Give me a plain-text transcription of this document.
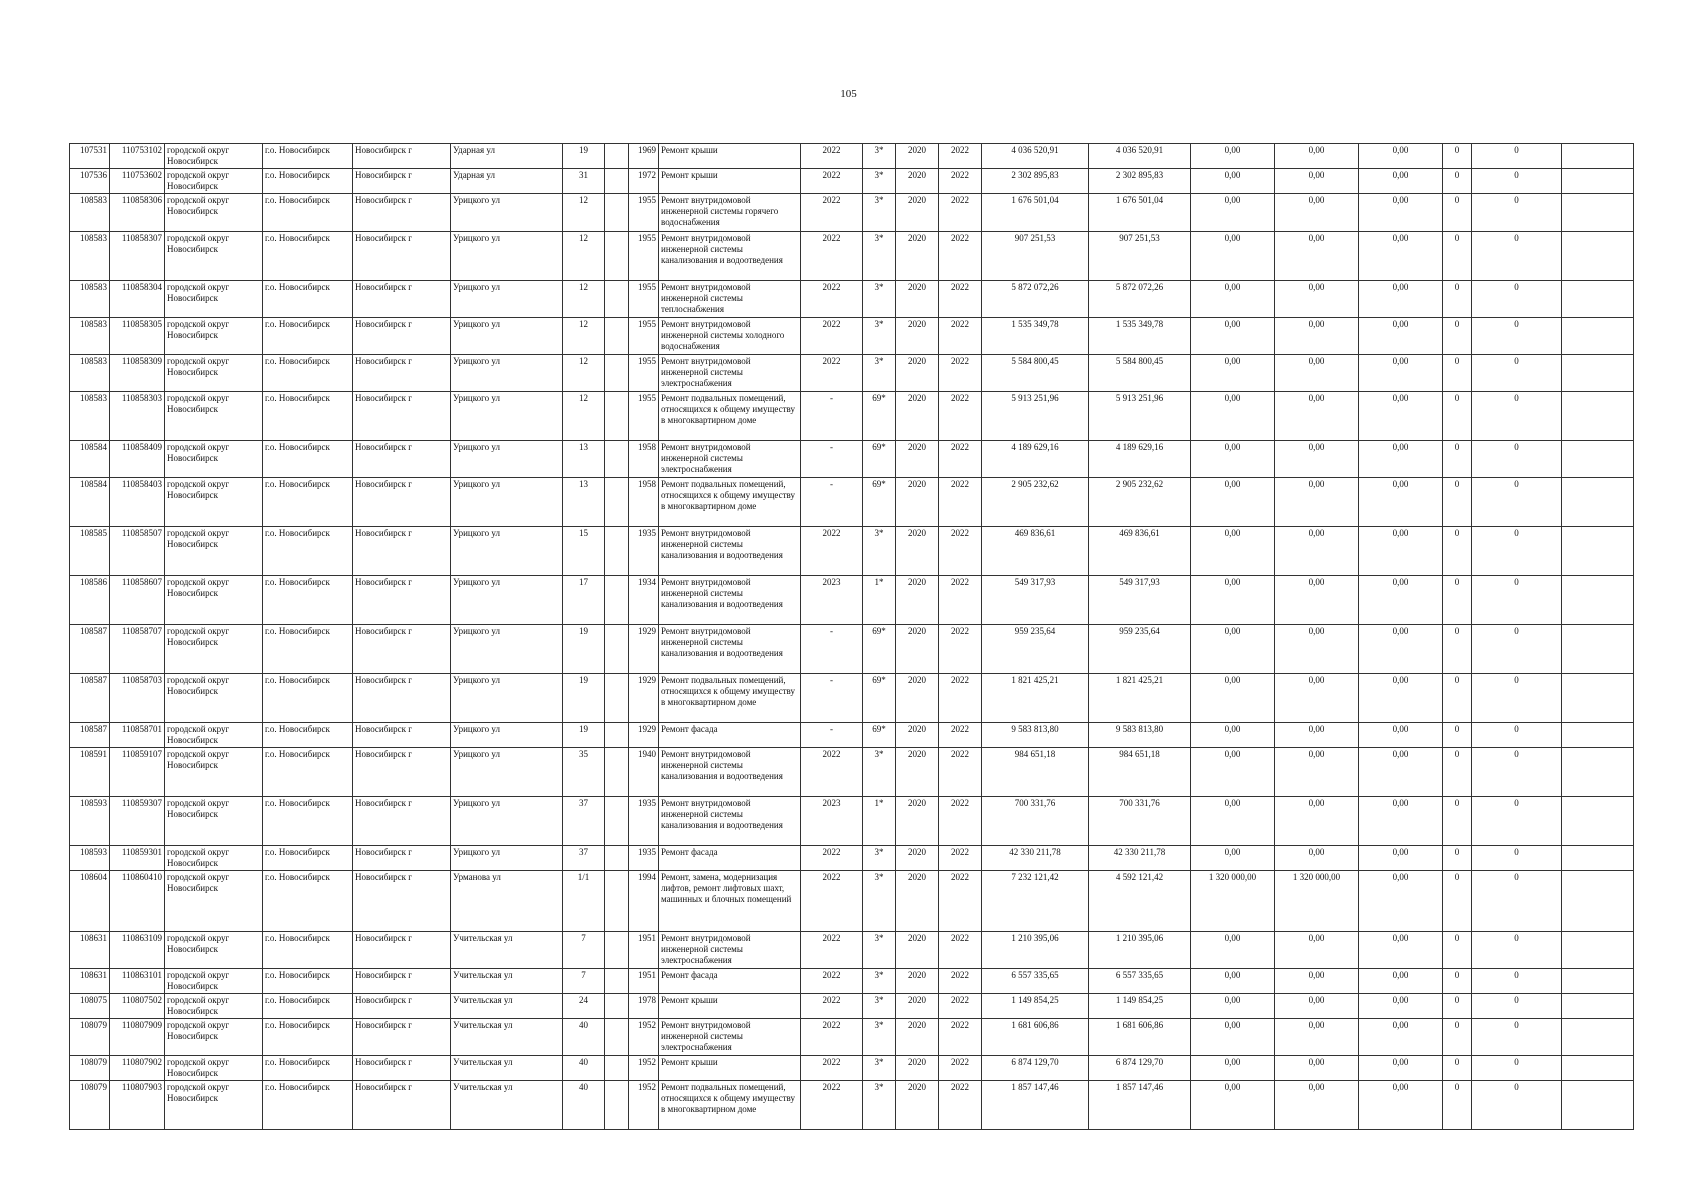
105
107531	110753102	городской округ Новосибирск	г.о. Новосибирск	Новосибирск г	Ударная ул	19		1969	Ремонт крыши	2022	3*	2020	2022	4 036 520,91	4 036 520,91	0,00	0,00	0,00	0	0	
107536	110753602	городской округ Новосибирск	г.о. Новосибирск	Новосибирск г	Ударная ул	31		1972	Ремонт крыши	2022	3*	2020	2022	2 302 895,83	2 302 895,83	0,00	0,00	0,00	0	0	
108583	110858306	городской округ Новосибирск	г.о. Новосибирск	Новосибирск г	Урицкого ул	12		1955	Ремонт внутридомовой инженерной системы горячего водоснабжения	2022	3*	2020	2022	1 676 501,04	1 676 501,04	0,00	0,00	0,00	0	0	
108583	110858307	городской округ Новосибирск	г.о. Новосибирск	Новосибирск г	Урицкого ул	12		1955	Ремонт внутридомовой инженерной системы канализования и водоотведения	2022	3*	2020	2022	907 251,53	907 251,53	0,00	0,00	0,00	0	0	
108583	110858304	городской округ Новосибирск	г.о. Новосибирск	Новосибирск г	Урицкого ул	12		1955	Ремонт внутридомовой инженерной системы теплоснабжения	2022	3*	2020	2022	5 872 072,26	5 872 072,26	0,00	0,00	0,00	0	0	
108583	110858305	городской округ Новосибирск	г.о. Новосибирск	Новосибирск г	Урицкого ул	12		1955	Ремонт внутридомовой инженерной системы холодного водоснабжения	2022	3*	2020	2022	1 535 349,78	1 535 349,78	0,00	0,00	0,00	0	0	
108583	110858309	городской округ Новосибирск	г.о. Новосибирск	Новосибирск г	Урицкого ул	12		1955	Ремонт внутридомовой инженерной системы электроснабжения	2022	3*	2020	2022	5 584 800,45	5 584 800,45	0,00	0,00	0,00	0	0	
108583	110858303	городской округ Новосибирск	г.о. Новосибирск	Новосибирск г	Урицкого ул	12		1955	Ремонт подвальных помещений, относящихся к общему имуществу в многоквартирном доме	-	69*	2020	2022	5 913 251,96	5 913 251,96	0,00	0,00	0,00	0	0	
108584	110858409	городской округ Новосибирск	г.о. Новосибирск	Новосибирск г	Урицкого ул	13		1958	Ремонт внутридомовой инженерной системы электроснабжения	-	69*	2020	2022	4 189 629,16	4 189 629,16	0,00	0,00	0,00	0	0	
108584	110858403	городской округ Новосибирск	г.о. Новосибирск	Новосибирск г	Урицкого ул	13		1958	Ремонт подвальных помещений, относящихся к общему имуществу в многоквартирном доме	-	69*	2020	2022	2 905 232,62	2 905 232,62	0,00	0,00	0,00	0	0	
108585	110858507	городской округ Новосибирск	г.о. Новосибирск	Новосибирск г	Урицкого ул	15		1935	Ремонт внутридомовой инженерной системы канализования и водоотведения	2022	3*	2020	2022	469 836,61	469 836,61	0,00	0,00	0,00	0	0	
108586	110858607	городской округ Новосибирск	г.о. Новосибирск	Новосибирск г	Урицкого ул	17		1934	Ремонт внутридомовой инженерной системы канализования и водоотведения	2023	1*	2020	2022	549 317,93	549 317,93	0,00	0,00	0,00	0	0	
108587	110858707	городской округ Новосибирск	г.о. Новосибирск	Новосибирск г	Урицкого ул	19		1929	Ремонт внутридомовой инженерной системы канализования и водоотведения	-	69*	2020	2022	959 235,64	959 235,64	0,00	0,00	0,00	0	0	
108587	110858703	городской округ Новосибирск	г.о. Новосибирск	Новосибирск г	Урицкого ул	19		1929	Ремонт подвальных помещений, относящихся к общему имуществу в многоквартирном доме	-	69*	2020	2022	1 821 425,21	1 821 425,21	0,00	0,00	0,00	0	0	
108587	110858701	городской округ Новосибирск	г.о. Новосибирск	Новосибирск г	Урицкого ул	19		1929	Ремонт фасада	-	69*	2020	2022	9 583 813,80	9 583 813,80	0,00	0,00	0,00	0	0	
108591	110859107	городской округ Новосибирск	г.о. Новосибирск	Новосибирск г	Урицкого ул	35		1940	Ремонт внутридомовой инженерной системы канализования и водоотведения	2022	3*	2020	2022	984 651,18	984 651,18	0,00	0,00	0,00	0	0	
108593	110859307	городской округ Новосибирск	г.о. Новосибирск	Новосибирск г	Урицкого ул	37		1935	Ремонт внутридомовой инженерной системы канализования и водоотведения	2023	1*	2020	2022	700 331,76	700 331,76	0,00	0,00	0,00	0	0	
108593	110859301	городской округ Новосибирск	г.о. Новосибирск	Новосибирск г	Урицкого ул	37		1935	Ремонт фасада	2022	3*	2020	2022	42 330 211,78	42 330 211,78	0,00	0,00	0,00	0	0	
108604	110860410	городской округ Новосибирск	г.о. Новосибирск	Новосибирск г	Урманова ул	1/1		1994	Ремонт, замена, модернизация лифтов, ремонт лифтовых шахт, машинных и блочных помещений	2022	3*	2020	2022	7 232 121,42	4 592 121,42	1 320 000,00	1 320 000,00	0,00	0	0	
108631	110863109	городской округ Новосибирск	г.о. Новосибирск	Новосибирск г	Учительская ул	7		1951	Ремонт внутридомовой инженерной системы электроснабжения	2022	3*	2020	2022	1 210 395,06	1 210 395,06	0,00	0,00	0,00	0	0	
108631	110863101	городской округ Новосибирск	г.о. Новосибирск	Новосибирск г	Учительская ул	7		1951	Ремонт фасада	2022	3*	2020	2022	6 557 335,65	6 557 335,65	0,00	0,00	0,00	0	0	
108075	110807502	городской округ Новосибирск	г.о. Новосибирск	Новосибирск г	Учительская ул	24		1978	Ремонт крыши	2022	3*	2020	2022	1 149 854,25	1 149 854,25	0,00	0,00	0,00	0	0	
108079	110807909	городской округ Новосибирск	г.о. Новосибирск	Новосибирск г	Учительская ул	40		1952	Ремонт внутридомовой инженерной системы электроснабжения	2022	3*	2020	2022	1 681 606,86	1 681 606,86	0,00	0,00	0,00	0	0	
108079	110807902	городской округ Новосибирск	г.о. Новосибирск	Новосибирск г	Учительская ул	40		1952	Ремонт крыши	2022	3*	2020	2022	6 874 129,70	6 874 129,70	0,00	0,00	0,00	0	0	
108079	110807903	городской округ Новосибирск	г.о. Новосибирск	Новосибирск г	Учительская ул	40		1952	Ремонт подвальных помещений, относящихся к общему имуществу в многоквартирном доме	2022	3*	2020	2022	1 857 147,46	1 857 147,46	0,00	0,00	0,00	0	0	
